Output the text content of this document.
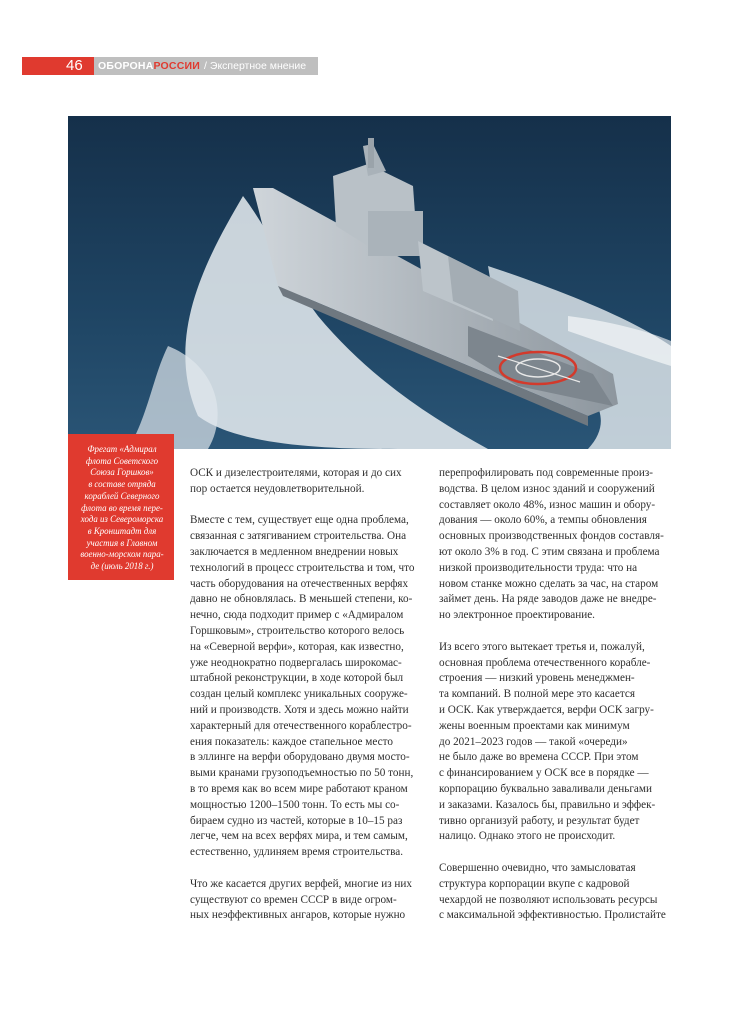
46	ОБОРОНА РОССИИ / Экспертное мнение
Фрегат «Адмирал
флота Советского
Союза Горшков»
в составе отряда
кораблей Северного
флота во время пере-
хода из Североморска
в Кронштадт для
участия в Главном
военно-морском пара-
де (июль 2018 г.)

ОСК и дизелестроителями, которая и до сих
пор остается неудовлетворительной.

Вместе с тем, существует еще одна проблема,
связанная с затягиванием строительства. Она
заключается в медленном внедрении новых
технологий в процесс строительства и том, что
часть оборудования на отечественных верфях
давно не обновлялась. В меньшей степени, ко-
нечно, сюда подходит пример с «Адмиралом
Горшковым», строительство которого велось
на «Северной верфи», которая, как известно,
уже неоднократно подвергалась широкомас-
штабной реконструкции, в ходе которой был
создан целый комплекс уникальных сооруже-
ний и производств. Хотя и здесь можно найти
характерный для отечественного кораблестро-
ения показатель: каждое стапельное место
в эллинге на верфи оборудовано двумя мосто-
выми кранами грузоподъемностью по 50 тонн,
в то время как во всем мире работают краном
мощностью 1200–1500 тонн. То есть мы со-
бираем судно из частей, которые в 10–15 раз
легче, чем на всех верфях мира, и тем самым,
естественно, удлиняем время строительства.

Что же касается других верфей, многие из них
существуют со времен СССР в виде огром-
ных неэффективных ангаров, которые нужно

перепрофилировать под современные произ-
водства. В целом износ зданий и сооружений
составляет около 48%, износ машин и обору-
дования — около 60%, а темпы обновления
основных производственных фондов составля-
ют около 3% в год. С этим связана и проблема
низкой производительности труда: что на
новом станке можно сделать за час, на старом
займет день. На ряде заводов даже не внедре-
но электронное проектирование.

Из всего этого вытекает третья и, пожалуй,
основная проблема отечественного корабле-
строения — низкий уровень менеджмен-
та компаний. В полной мере это касается
и ОСК. Как утверждается, верфи ОСК загру-
жены военным проектами как минимум
до 2021–2023 годов — такой «очереди»
не было даже во времена СССР. При этом
с финансированием у ОСК все в порядке —
корпорацию буквально заваливали деньгами
и заказами. Казалось бы, правильно и эффек-
тивно организуй работу, и результат будет
налицо. Однако этого не происходит.

Совершенно очевидно, что замысловатая
структура корпорации вкупе с кадровой
чехардой не позволяют использовать ресурсы
с максимальной эффективностью. Пролистайте
